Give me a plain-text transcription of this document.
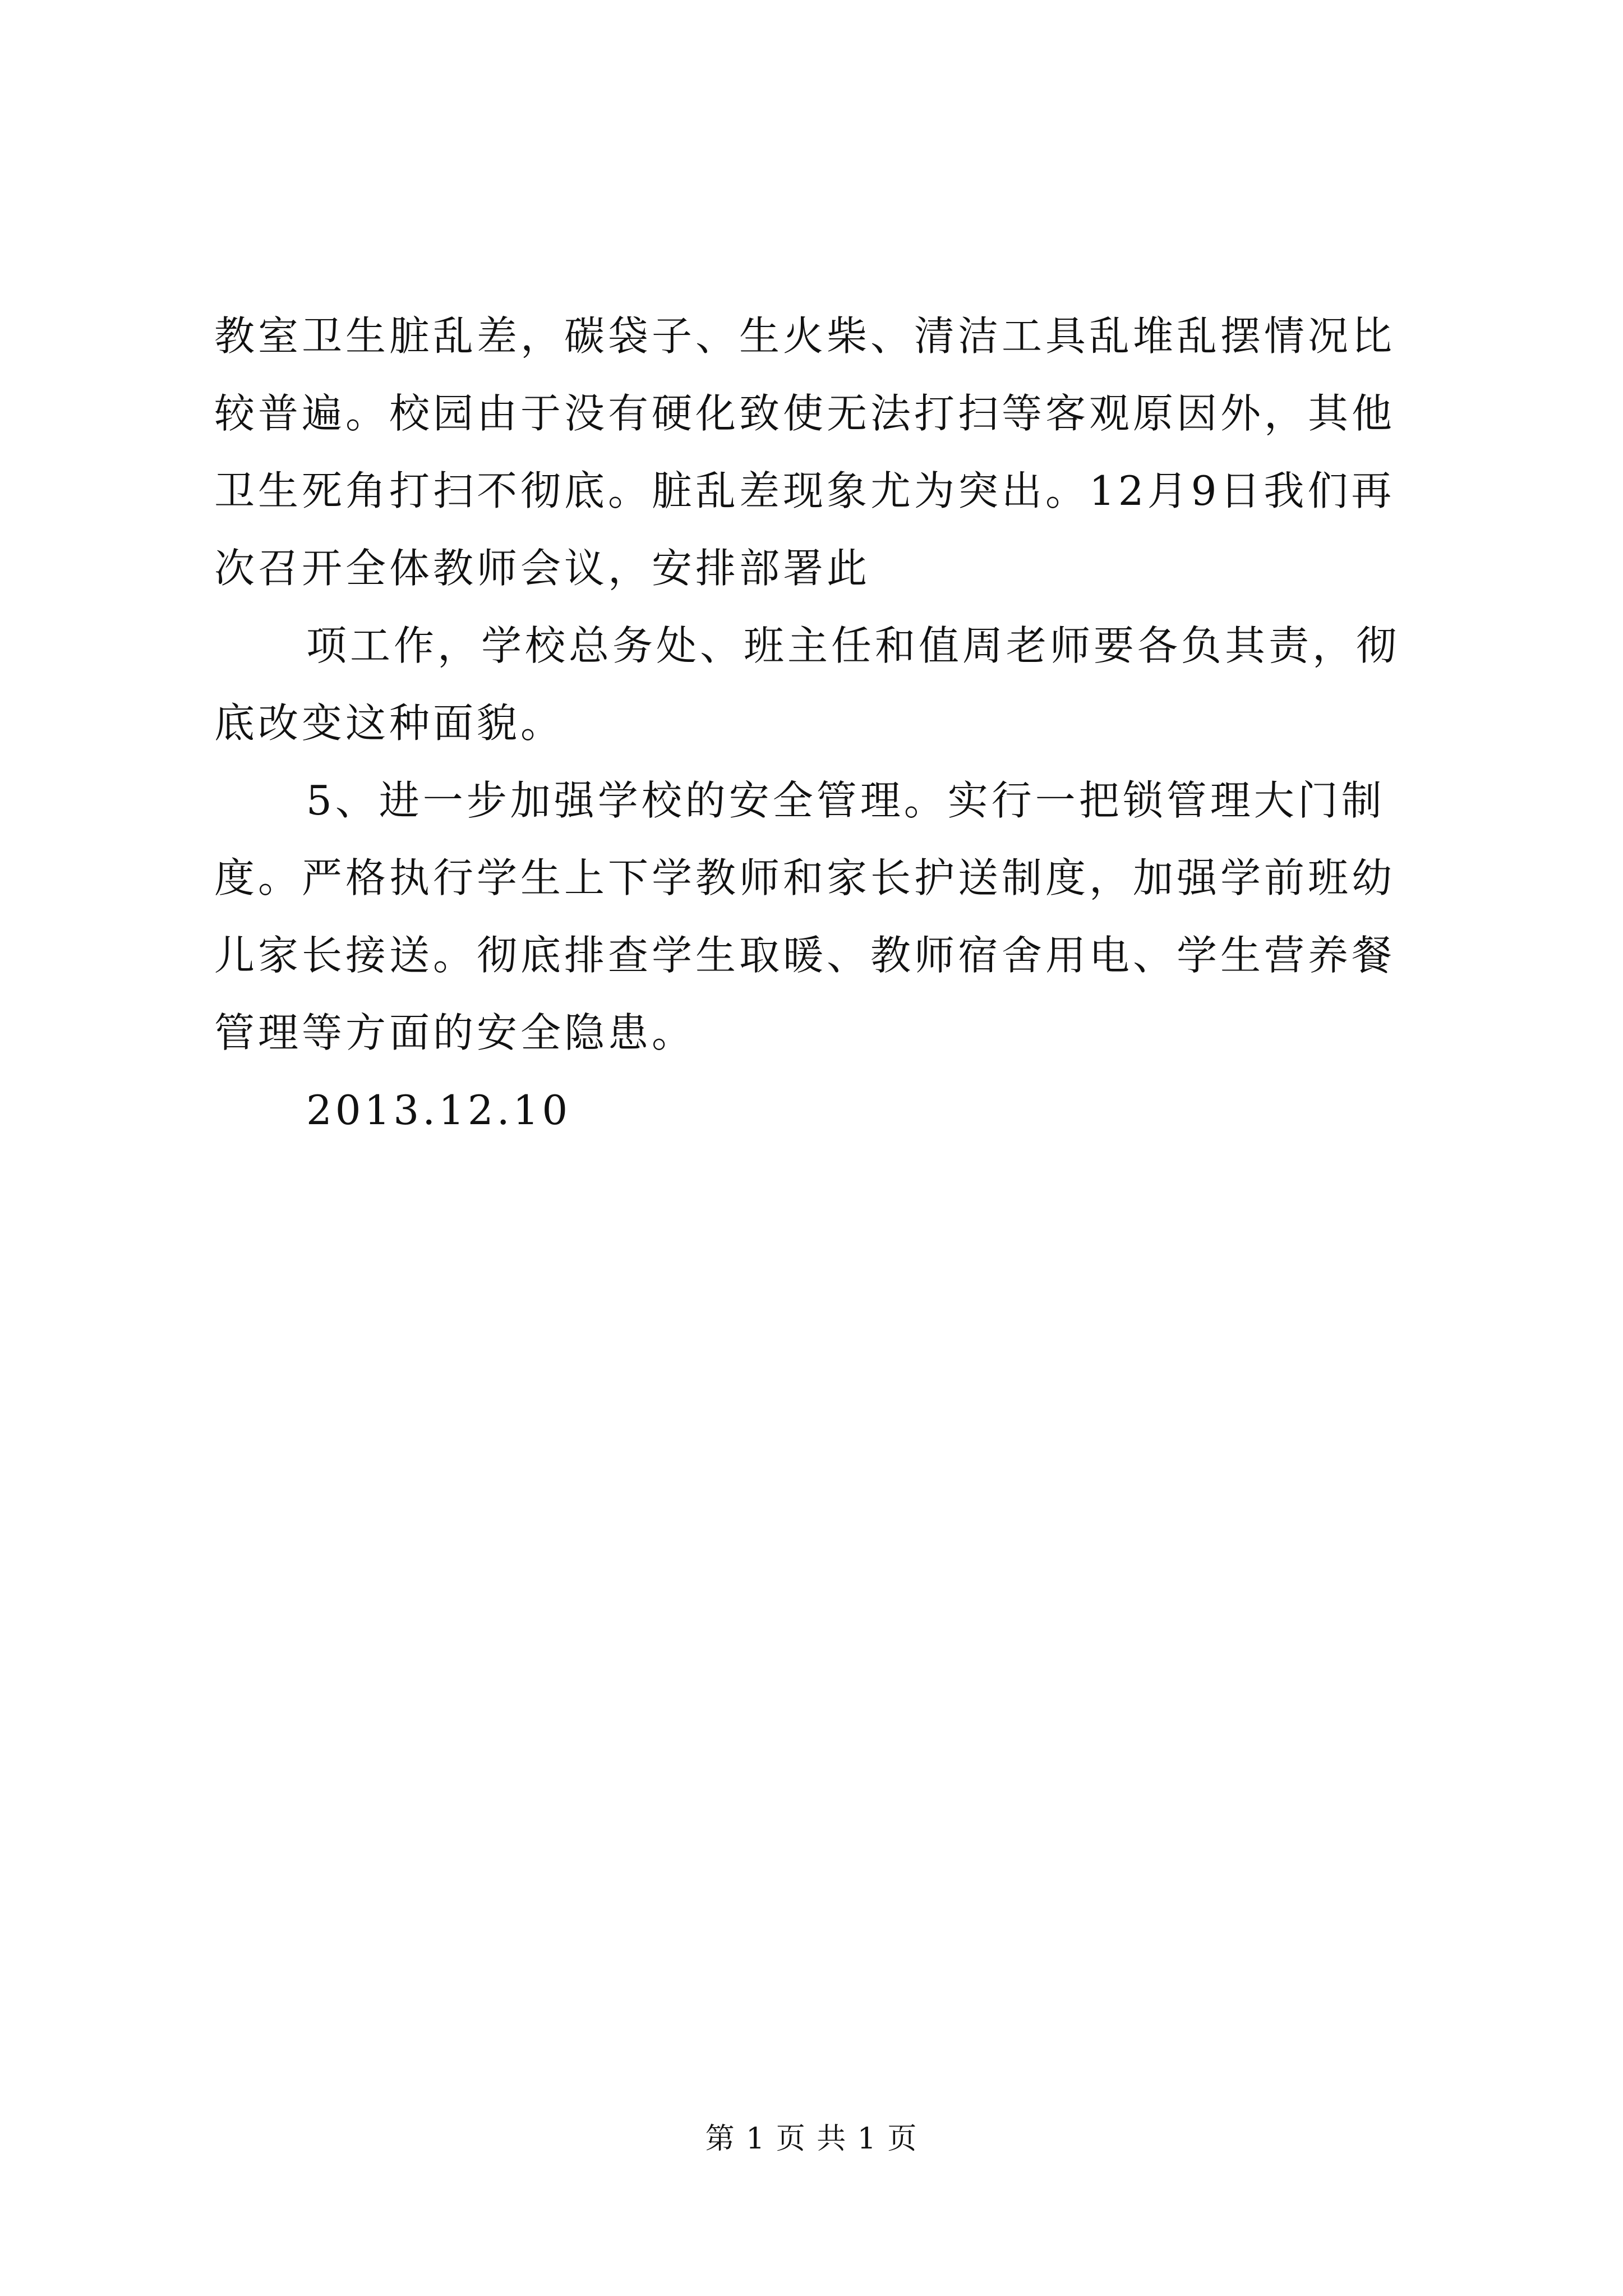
教室卫生脏乱差，碳袋子、生火柴、清洁工具乱堆乱摆情况比较普遍。校园由于没有硬化致使无法打扫等客观原因外，其他卫生死角打扫不彻底。脏乱差现象尤为突出。12月9日我们再次召开全体教师会议，安排部署此

项工作，学校总务处、班主任和值周老师要各负其责，彻底改变这种面貌。

5、进一步加强学校的安全管理。实行一把锁管理大门制度。严格执行学生上下学教师和家长护送制度，加强学前班幼儿家长接送。彻底排查学生取暖、教师宿舍用电、学生营养餐管理等方面的安全隐患。

2013.12.10

第 1 页 共 1 页
